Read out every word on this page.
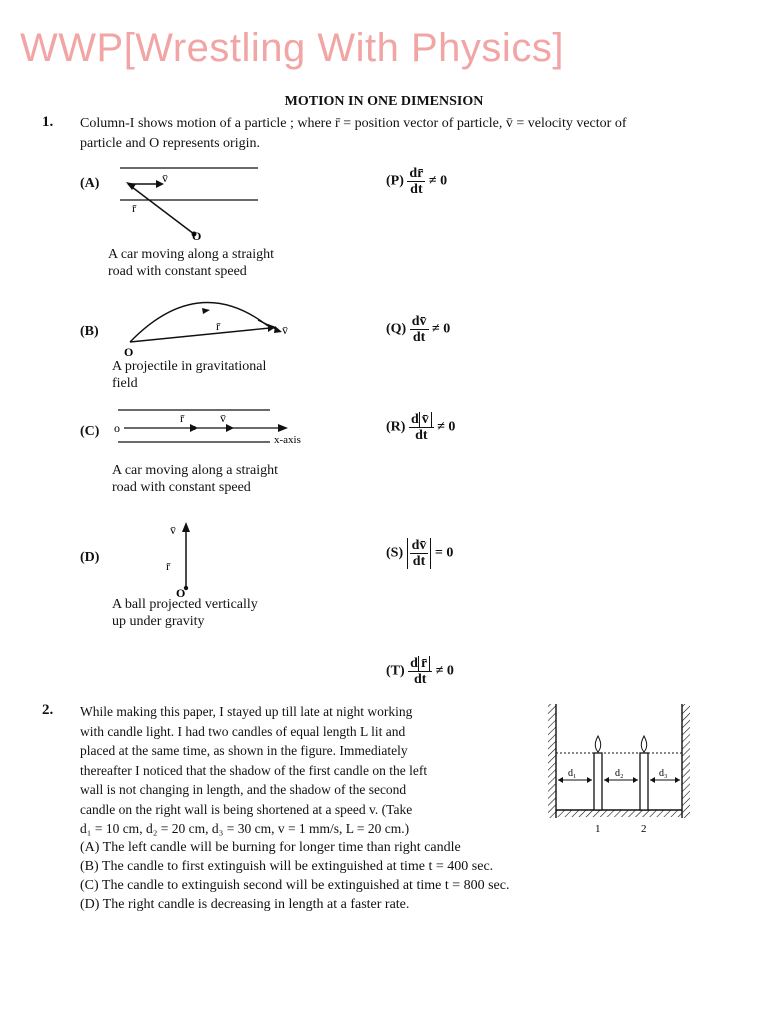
WWP[Wrestling With Physics]
MOTION IN ONE DIMENSION
1. Column-I shows motion of a particle ; where r̄ = position vector of particle, v̄ = velocity vector of
particle and O represents origin.
(A)	v̄
r̄
O
A car moving along a straight
road with constant speed
$(P) \frac{dr̄}{dt} \ne 0$
(B)	r̄	v̄
O
A projectile in gravitational
field
$(Q) \frac{dv̄}{dt} \ne 0$
(C) o
r̄	v̄
x-axis
A car moving along a straight
road with constant speed
$(R) \frac{\text{d v̄}}{dt} \ne 0$
(D)
v̄
r̄
O
A ball projected vertically
up under gravity
$(S) \frac{dv̄}{dt} = 0$
$(T) \frac{\text{d r̄}}{dt} \ne 0$
2. While making this paper, I stayed up till late at night working
with candle light. I had two candles of equal length L lit and
placed at the same time, as shown in the figure. Immediately
thereafter I noticed that the shadow of the first candle on the left
wall is not changing in length, and the shadow of the second
candle on the right wall is being shortened at a speed v. (Take
d₁ = 10 cm, d₂ = 20 cm, d₃ = 30 cm, v = 1 mm/s, L = 20 cm.)
(A) The left candle will be burning for longer time than right candle
(B) The candle to first extinguish will be extinguished at time t = 400 sec.
(C) The candle to extinguish second will be extinguished at time t = 800 sec.
(D) The right candle is decreasing in length at a faster rate.
d₁	d₂	d₃
1	2
